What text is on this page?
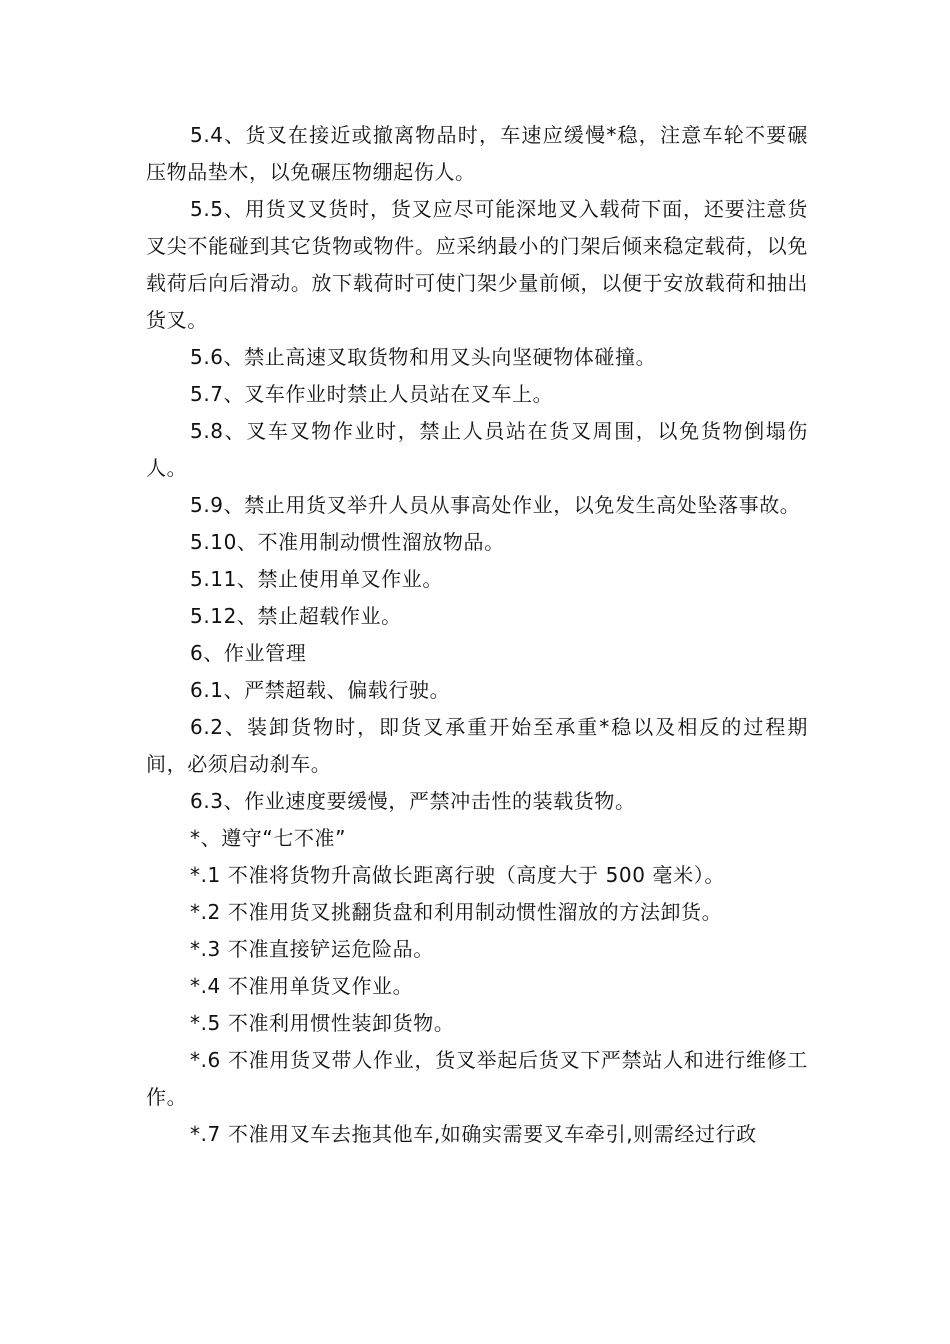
5.4、货叉在接近或撤离物品时，车速应缓慢*稳，注意车轮不要碾压物品垫木，以免碾压物绷起伤人。

5.5、用货叉叉货时，货叉应尽可能深地叉入载荷下面，还要注意货叉尖不能碰到其它货物或物件。应采纳最小的门架后倾来稳定载荷，以免载荷后向后滑动。放下载荷时可使门架少量前倾，以便于安放载荷和抽出货叉。

5.6、禁止高速叉取货物和用叉头向坚硬物体碰撞。

5.7、叉车作业时禁止人员站在叉车上。

5.8、叉车叉物作业时，禁止人员站在货叉周围，以免货物倒塌伤人。

5.9、禁止用货叉举升人员从事高处作业，以免发生高处坠落事故。

5.10、不准用制动惯性溜放物品。

5.11、禁止使用单叉作业。

5.12、禁止超载作业。

6、作业管理

6.1、严禁超载、偏载行驶。

6.2、装卸货物时，即货叉承重开始至承重*稳以及相反的过程期间，必须启动刹车。

6.3、作业速度要缓慢，严禁冲击性的装载货物。

*、遵守“七不准”

*.1 不准将货物升高做长距离行驶（高度大于 500 毫米）。

*.2 不准用货叉挑翻货盘和利用制动惯性溜放的方法卸货。

*.3 不准直接铲运危险品。

*.4 不准用单货叉作业。

*.5 不准利用惯性装卸货物。

*.6 不准用货叉带人作业，货叉举起后货叉下严禁站人和进行维修工作。

*.7 不准用叉车去拖其他车,如确实需要叉车牵引,则需经过行政
